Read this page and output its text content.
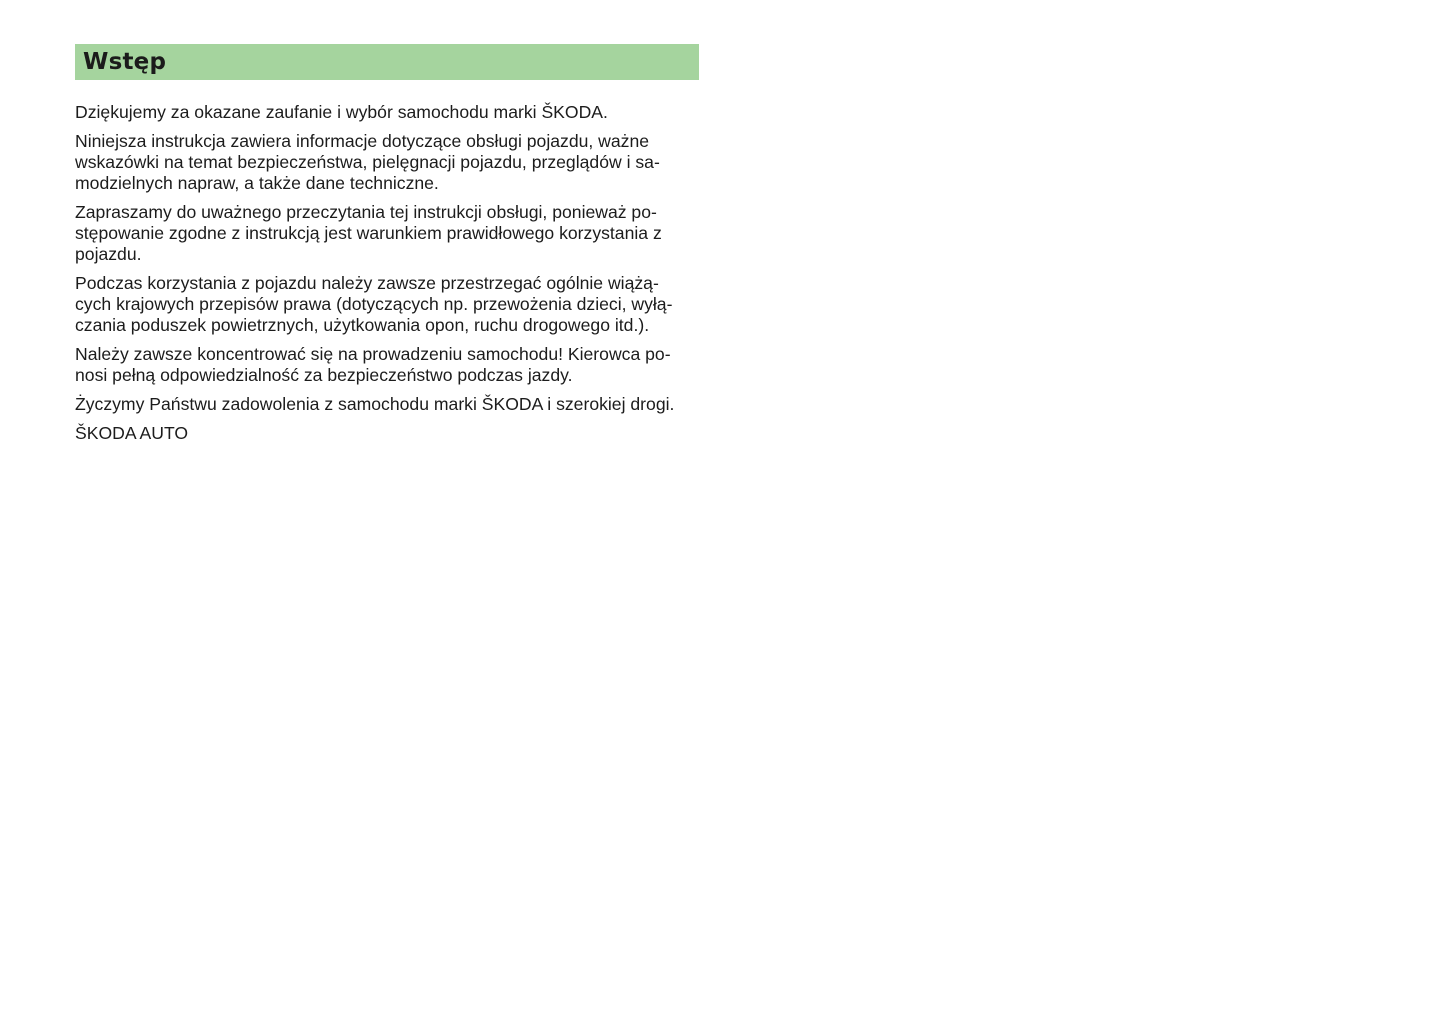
Wstęp

Dziękujemy za okazane zaufanie i wybór samochodu marki ŠKODA.

Niniejsza instrukcja zawiera informacje dotyczące obsługi pojazdu, ważne
wskazówki na temat bezpieczeństwa, pielęgnacji pojazdu, przeglądów i sa-
modzielnych napraw, a także dane techniczne.

Zapraszamy do uważnego przeczytania tej instrukcji obsługi, ponieważ po-
stępowanie zgodne z instrukcją jest warunkiem prawidłowego korzystania z
pojazdu.

Podczas korzystania z pojazdu należy zawsze przestrzegać ogólnie wiążą-
cych krajowych przepisów prawa (dotyczących np. przewożenia dzieci, wyłą-
czania poduszek powietrznych, użytkowania opon, ruchu drogowego itd.).

Należy zawsze koncentrować się na prowadzeniu samochodu! Kierowca po-
nosi pełną odpowiedzialność za bezpieczeństwo podczas jazdy.

Życzymy Państwu zadowolenia z samochodu marki ŠKODA i szerokiej drogi.

ŠKODA AUTO
